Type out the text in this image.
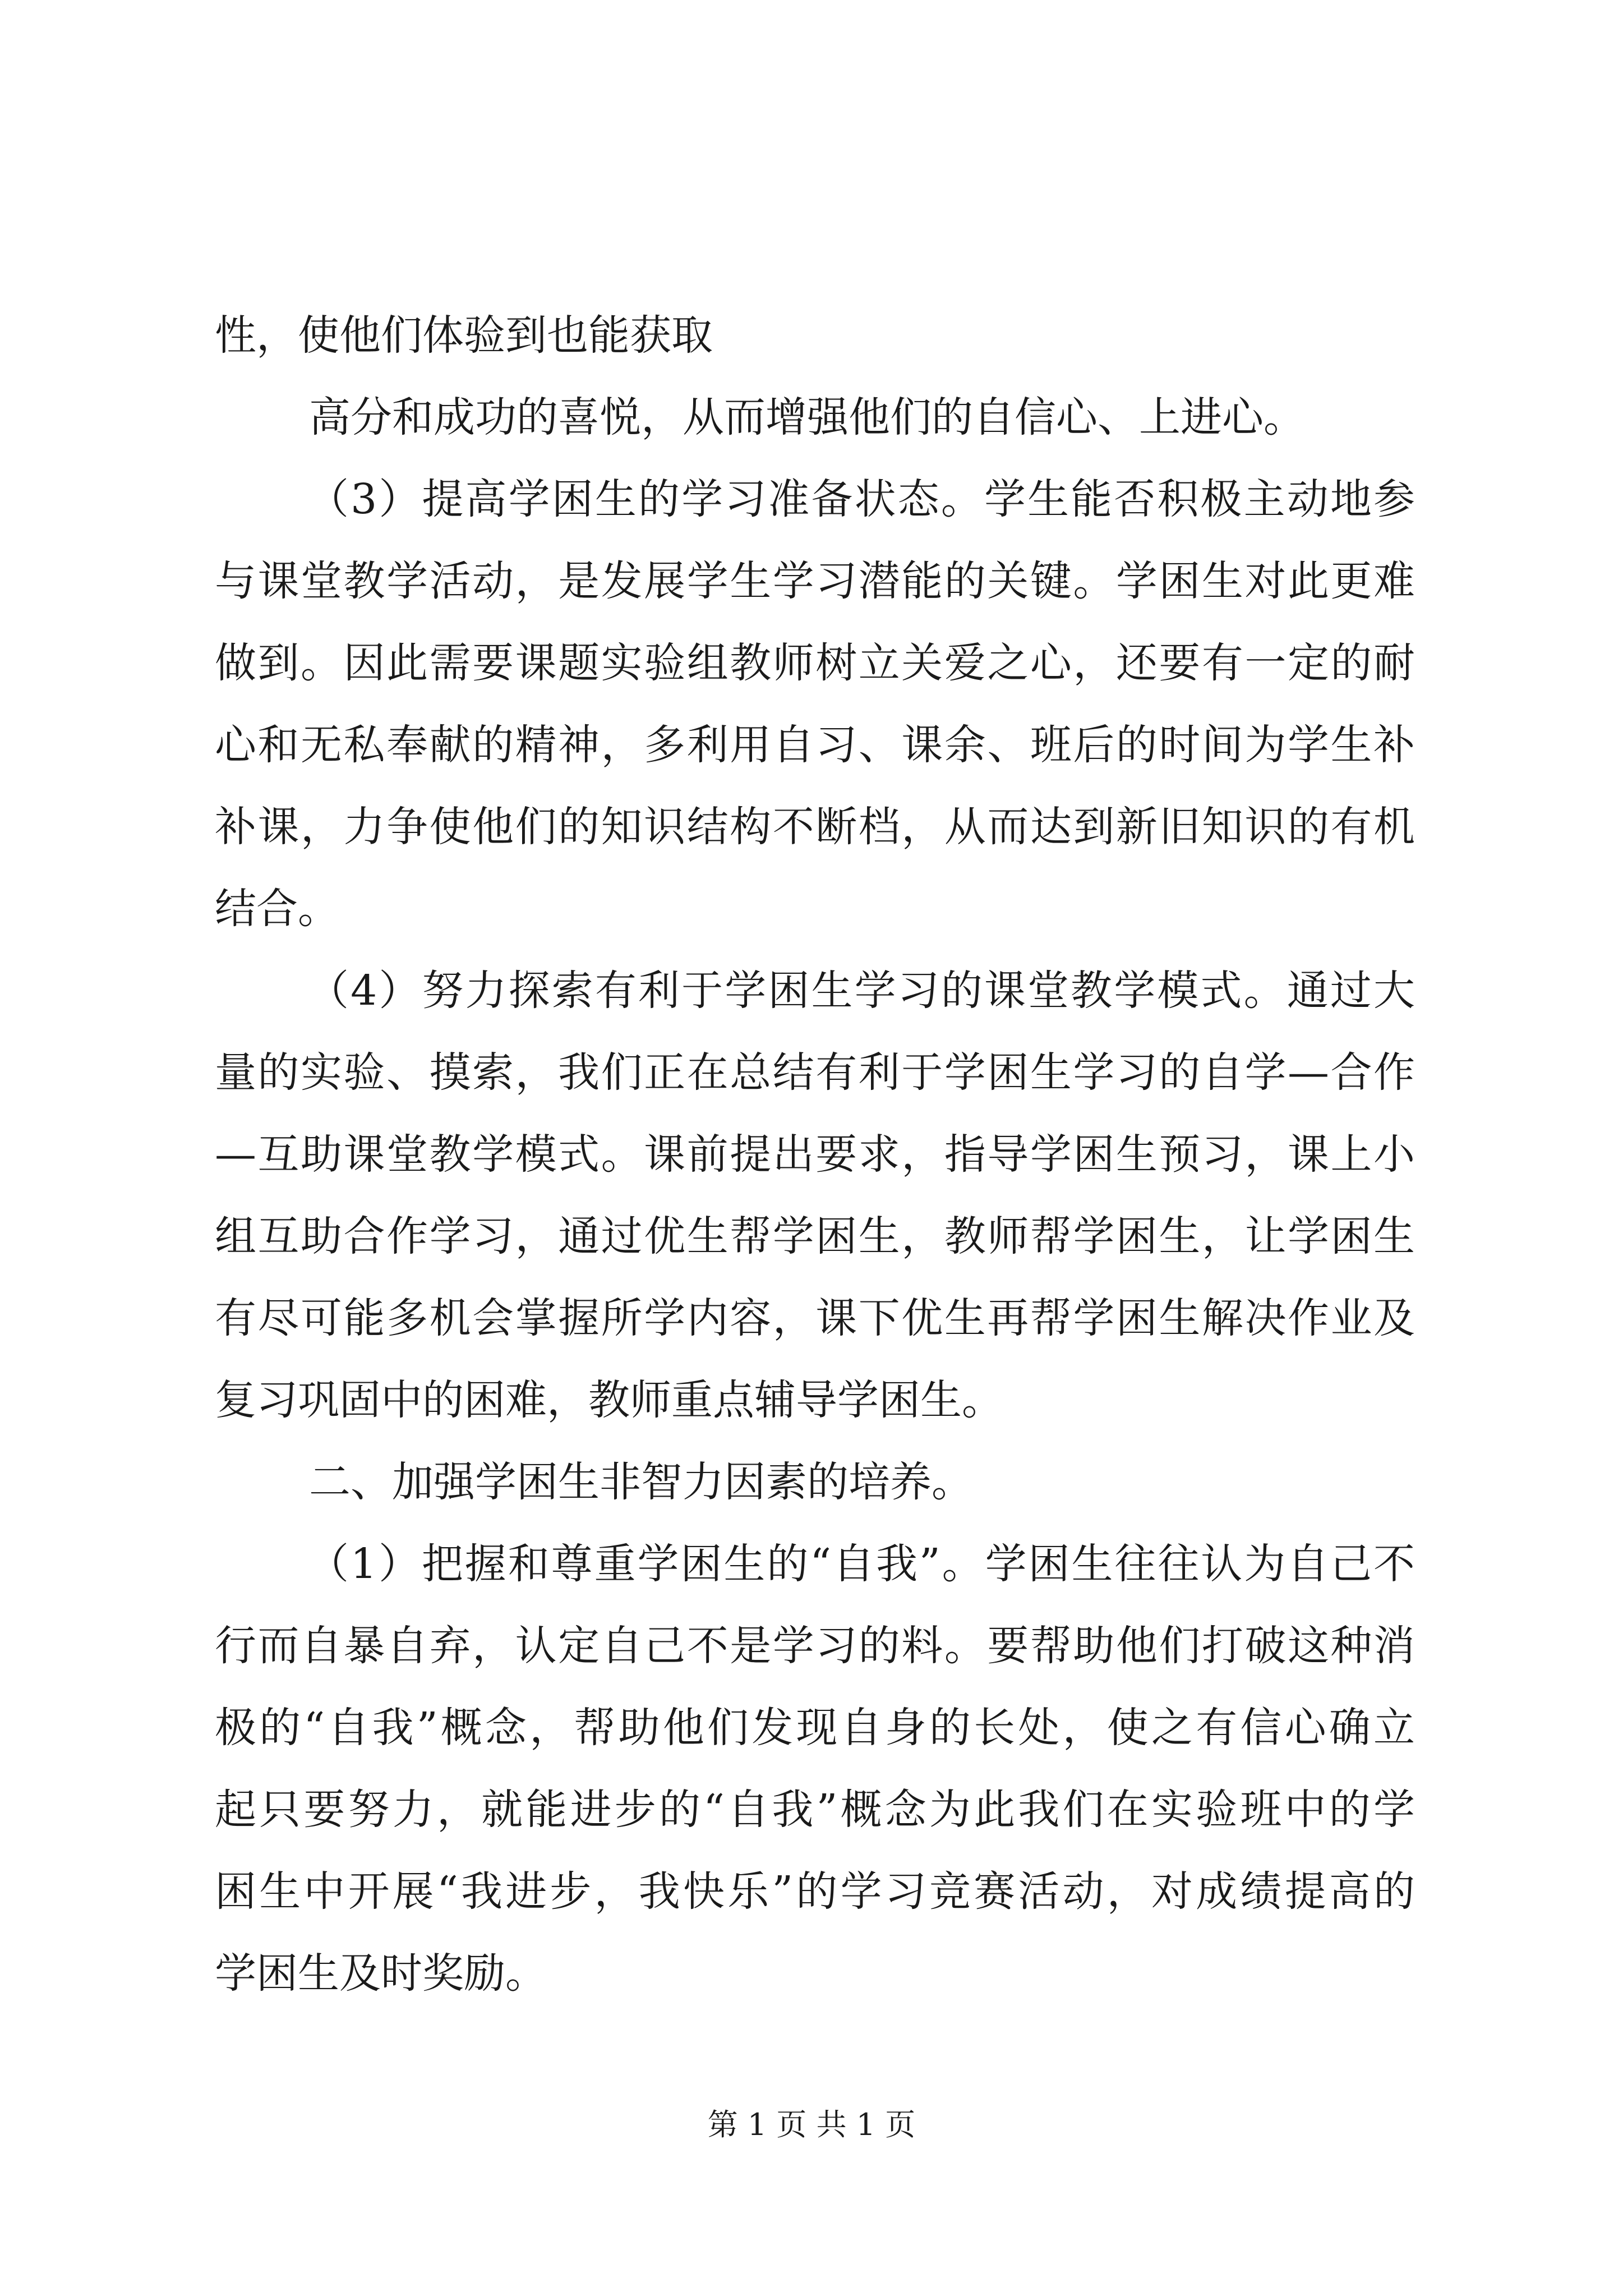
性，使他们体验到也能获取
高分和成功的喜悦，从而增强他们的自信心、上进心。
（3）提高学困生的学习准备状态。学生能否积极主动地参
与课堂教学活动，是发展学生学习潜能的关键。学困生对此更难
做到。因此需要课题实验组教师树立关爱之心，还要有一定的耐
心和无私奉献的精神，多利用自习、课余、班后的时间为学生补
补课，力争使他们的知识结构不断档，从而达到新旧知识的有机
结合。
（4）努力探索有利于学困生学习的课堂教学模式。通过大
量的实验、摸索，我们正在总结有利于学困生学习的自学—合作
—互助课堂教学模式。课前提出要求，指导学困生预习，课上小
组互助合作学习，通过优生帮学困生，教师帮学困生，让学困生
有尽可能多机会掌握所学内容，课下优生再帮学困生解决作业及
复习巩固中的困难，教师重点辅导学困生。
二、加强学困生非智力因素的培养。
（1）把握和尊重学困生的“自我”。学困生往往认为自己不
行而自暴自弃，认定自己不是学习的料。要帮助他们打破这种消
极的“自我”概念，帮助他们发现自身的长处，使之有信心确立
起只要努力，就能进步的“自我”概念为此我们在实验班中的学
困生中开展“我进步，我快乐”的学习竞赛活动，对成绩提高的
学困生及时奖励。
第 1 页 共 1 页
